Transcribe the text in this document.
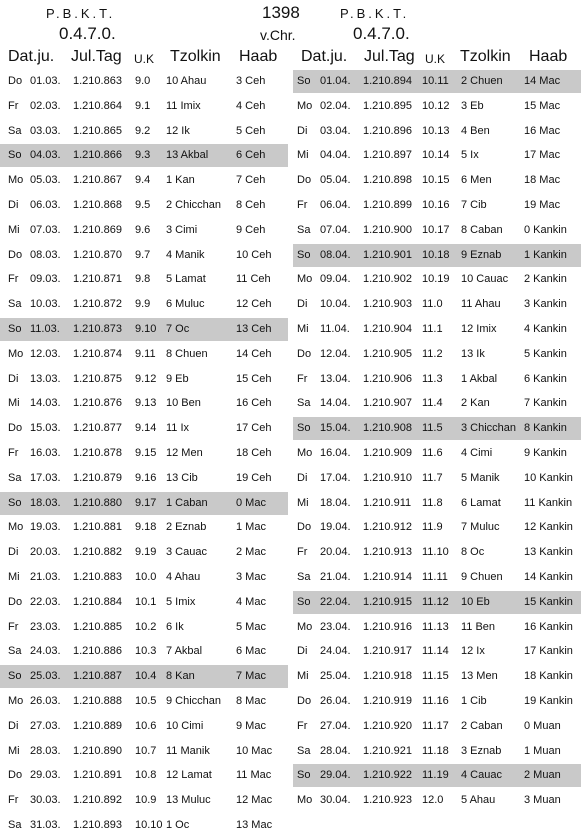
P.B.K.T.
0.4.7.0.
1398
v.Chr.
P.B.K.T.
0.4.7.0.
Dat.ju. Jul.Tag U.K Tzolkin Haab Dat.ju. Jul.Tag U.K Tzolkin Haab
Do 01.03. 1.210.863 9.0 10 Ahau	3 Ceh
Fr 02.03. 1.210.864 9.1 11 Imix	4 Ceh
Sa 03.03. 1.210.865 9.2 12 Ik	5 Ceh
So 04.03. 1.210.866 9.3 13 Akbal	6 Ceh
Mo 05.03. 1.210.867 9.4 1 Kan	7 Ceh
Di 06.03. 1.210.868 9.5 2 Chicchan 8 Ceh
Mi 07.03. 1.210.869 9.6 3 Cimi	9 Ceh
Do 08.03. 1.210.870 9.7 4 Manik	10 Ceh
Fr 09.03. 1.210.871 9.8 5 Lamat	11 Ceh
Sa 10.03. 1.210.872 9.9 6 Muluc	12 Ceh
So 11.03. 1.210.873 9.10 7 Oc	13 Ceh
Mo 12.03. 1.210.874 9.11 8 Chuen	14 Ceh
Di 13.03. 1.210.875 9.12 9 Eb	15 Ceh
Mi 14.03. 1.210.876 9.13 10 Ben	16 Ceh
Do 15.03. 1.210.877 9.14 11 Ix	17 Ceh
Fr 16.03. 1.210.878 9.15 12 Men	18 Ceh
Sa 17.03. 1.210.879 9.16 13 Cib	19 Ceh
So 18.03. 1.210.880 9.17 1 Caban	0 Mac
Mo 19.03. 1.210.881 9.18 2 Eznab	1 Mac
Di 20.03. 1.210.882 9.19 3 Cauac	2 Mac
Mi 21.03. 1.210.883 10.0 4 Ahau	3 Mac
Do 22.03. 1.210.884 10.1 5 Imix	4 Mac
Fr 23.03. 1.210.885 10.2 6 Ik	5 Mac
Sa 24.03. 1.210.886 10.3 7 Akbal	6 Mac
So 25.03. 1.210.887 10.4 8 Kan	7 Mac
Mo 26.03. 1.210.888 10.5 9 Chicchan 8 Mac
Di 27.03. 1.210.889 10.6 10 Cimi	9 Mac
Mi 28.03. 1.210.890 10.7 11 Manik 10 Mac
Do 29.03. 1.210.891 10.8 12 Lamat 11 Mac
Fr 30.03. 1.210.892 10.9 13 Muluc 12 Mac
Sa 31.03. 1.210.893 10.10 1 Oc	13 Mac
So 01.04. 1.210.894 10.11 2 Chuen 14 Mac
Mo 02.04. 1.210.895 10.12 3 Eb	15 Mac
Di 03.04. 1.210.896 10.13 4 Ben	16 Mac
Mi 04.04. 1.210.897 10.14 5 Ix	17 Mac
Do 05.04. 1.210.898 10.15 6 Men	18 Mac
Fr 06.04. 1.210.899 10.16 7 Cib	19 Mac
Sa 07.04. 1.210.900 10.17 8 Caban 0 Kankin
So 08.04. 1.210.901 10.18 9 Eznab 1 Kankin
Mo 09.04. 1.210.902 10.19 10 Cauac 2 Kankin
Di 10.04. 1.210.903 11.0 11 Ahau 3 Kankin
Mi 11.04. 1.210.904 11.1 12 Imix	4 Kankin
Do 12.04. 1.210.905 11.2 13 Ik	5 Kankin
Fr 13.04. 1.210.906 11.3 1 Akbal 6 Kankin
Sa 14.04. 1.210.907 11.4 2 Kan	7 Kankin
So 15.04. 1.210.908 11.5 3 Chicchan 8 Kankin
Mo 16.04. 1.210.909 11.6 4 Cimi	9 Kankin
Di 17.04. 1.210.910 11.7 5 Manik 10 Kankin
Mi 18.04. 1.210.911 11.8 6 Lamat 11 Kankin
Do 19.04. 1.210.912 11.9 7 Muluc 12 Kankin
Fr 20.04. 1.210.913 11.10 8 Oc	13 Kankin
Sa 21.04. 1.210.914 11.11 9 Chuen 14 Kankin
So 22.04. 1.210.915 11.12 10 Eb	15 Kankin
Mo 23.04. 1.210.916 11.13 11 Ben	16 Kankin
Di 24.04. 1.210.917 11.14 12 Ix	17 Kankin
Mi 25.04. 1.210.918 11.15 13 Men 18 Kankin
Do 26.04. 1.210.919 11.16 1 Cib	19 Kankin
Fr 27.04. 1.210.920 11.17 2 Caban 0 Muan
Sa 28.04. 1.210.921 11.18 3 Eznab 1 Muan
So 29.04. 1.210.922 11.19 4 Cauac 2 Muan
Mo 30.04. 1.210.923 12.0 5 Ahau	3 Muan
